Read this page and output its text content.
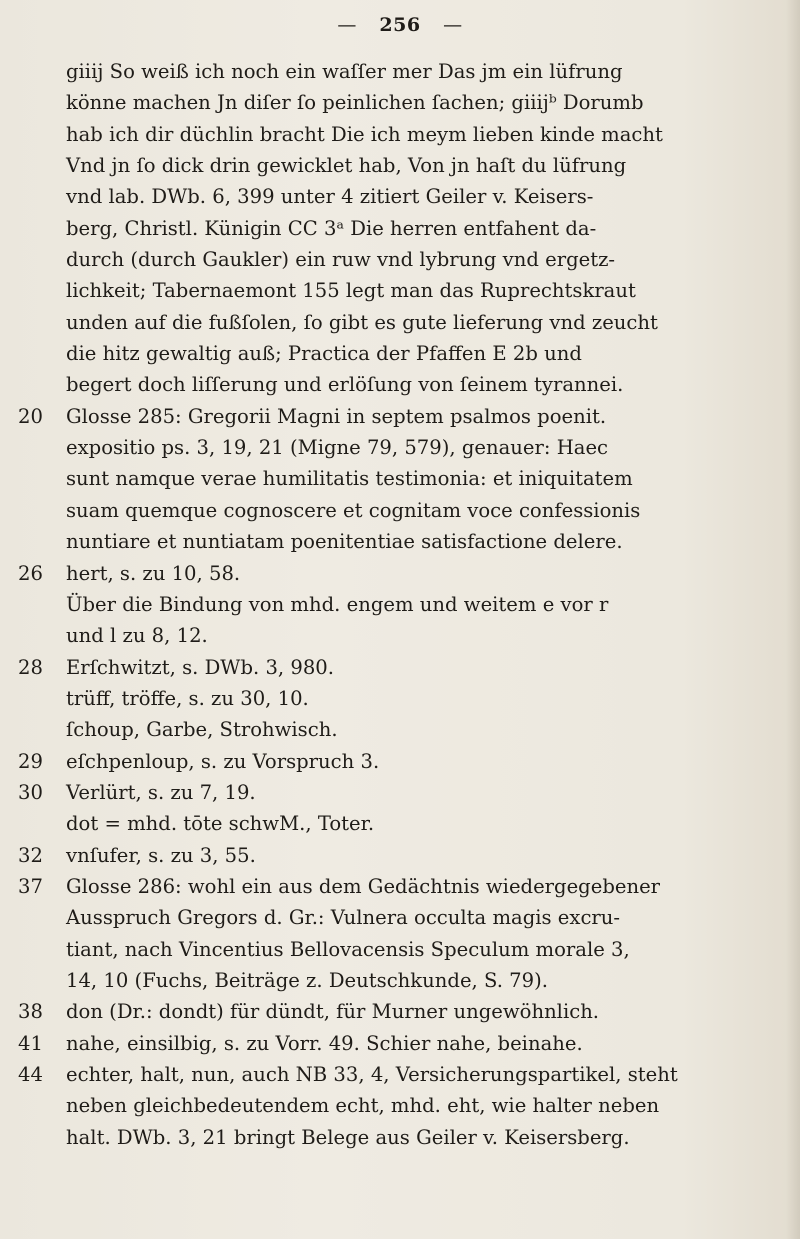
— 256 —
giiij So weiß ich noch ein waſſer mer Das jm ein lüfrung
könne machen Jn diſer ſo peinlichen ſachen; giiijᵇ Dorumb
hab ich dir düchlin bracht Die ich meym lieben kinde macht
Vnd jn ſo dick drin gewicklet hab, Von jn haſt du lüfrung
vnd lab. DWb. 6, 399 unter 4 zitiert Geiler v. Keisers-
berg, Christl. Künigin CC 3ᵃ Die herren entfahent da-
durch (durch Gaukler) ein ruw vnd lybrung vnd ergetz-
lichkeit; Tabernaemont 155 legt man das Ruprechtskraut
unden auf die fußſolen, ſo gibt es gute lieferung vnd zeucht
die hitz gewaltig auß; Practica der Pfaffen E 2b und
begert doch liſſerung und erlöſung von ſeinem tyrannei.
20 Glosse 285: Gregorii Magni in septem psalmos poenit.
expositio ps. 3, 19, 21 (Migne 79, 579), genauer: Haec
sunt namque verae humilitatis testimonia: et iniquitatem
suam quemque cognoscere et cognitam voce confessionis
nuntiare et nuntiatam poenitentiae satisfactione delere.
26 hert, s. zu 10, 58.
Über die Bindung von mhd. engem und weitem e vor r
und l zu 8, 12.
28 Erſchwitzt, s. DWb. 3, 980.
trüff, tröffe, s. zu 30, 10.
ſchoup, Garbe, Strohwisch.
29 eſchpenloup, s. zu Vorspruch 3.
30 Verlürt, s. zu 7, 19.
dot = mhd. tōte schwM., Toter.
32 vnſufer, s. zu 3, 55.
37 Glosse 286: wohl ein aus dem Gedächtnis wiedergegebener
Ausspruch Gregors d. Gr.: Vulnera occulta magis excru-
tiant, nach Vincentius Bellovacensis Speculum morale 3,
14, 10 (Fuchs, Beiträge z. Deutschkunde, S. 79).
38 don (Dr.: dondt) für dündt, für Murner ungewöhnlich.
41 nahe, einsilbig, s. zu Vorr. 49. Schier nahe, beinahe.
44 echter, halt, nun, auch NB 33, 4, Versicherungspartikel, steht
neben gleichbedeutendem echt, mhd. eht, wie halter neben
halt. DWb. 3, 21 bringt Belege aus Geiler v. Keisersberg.
